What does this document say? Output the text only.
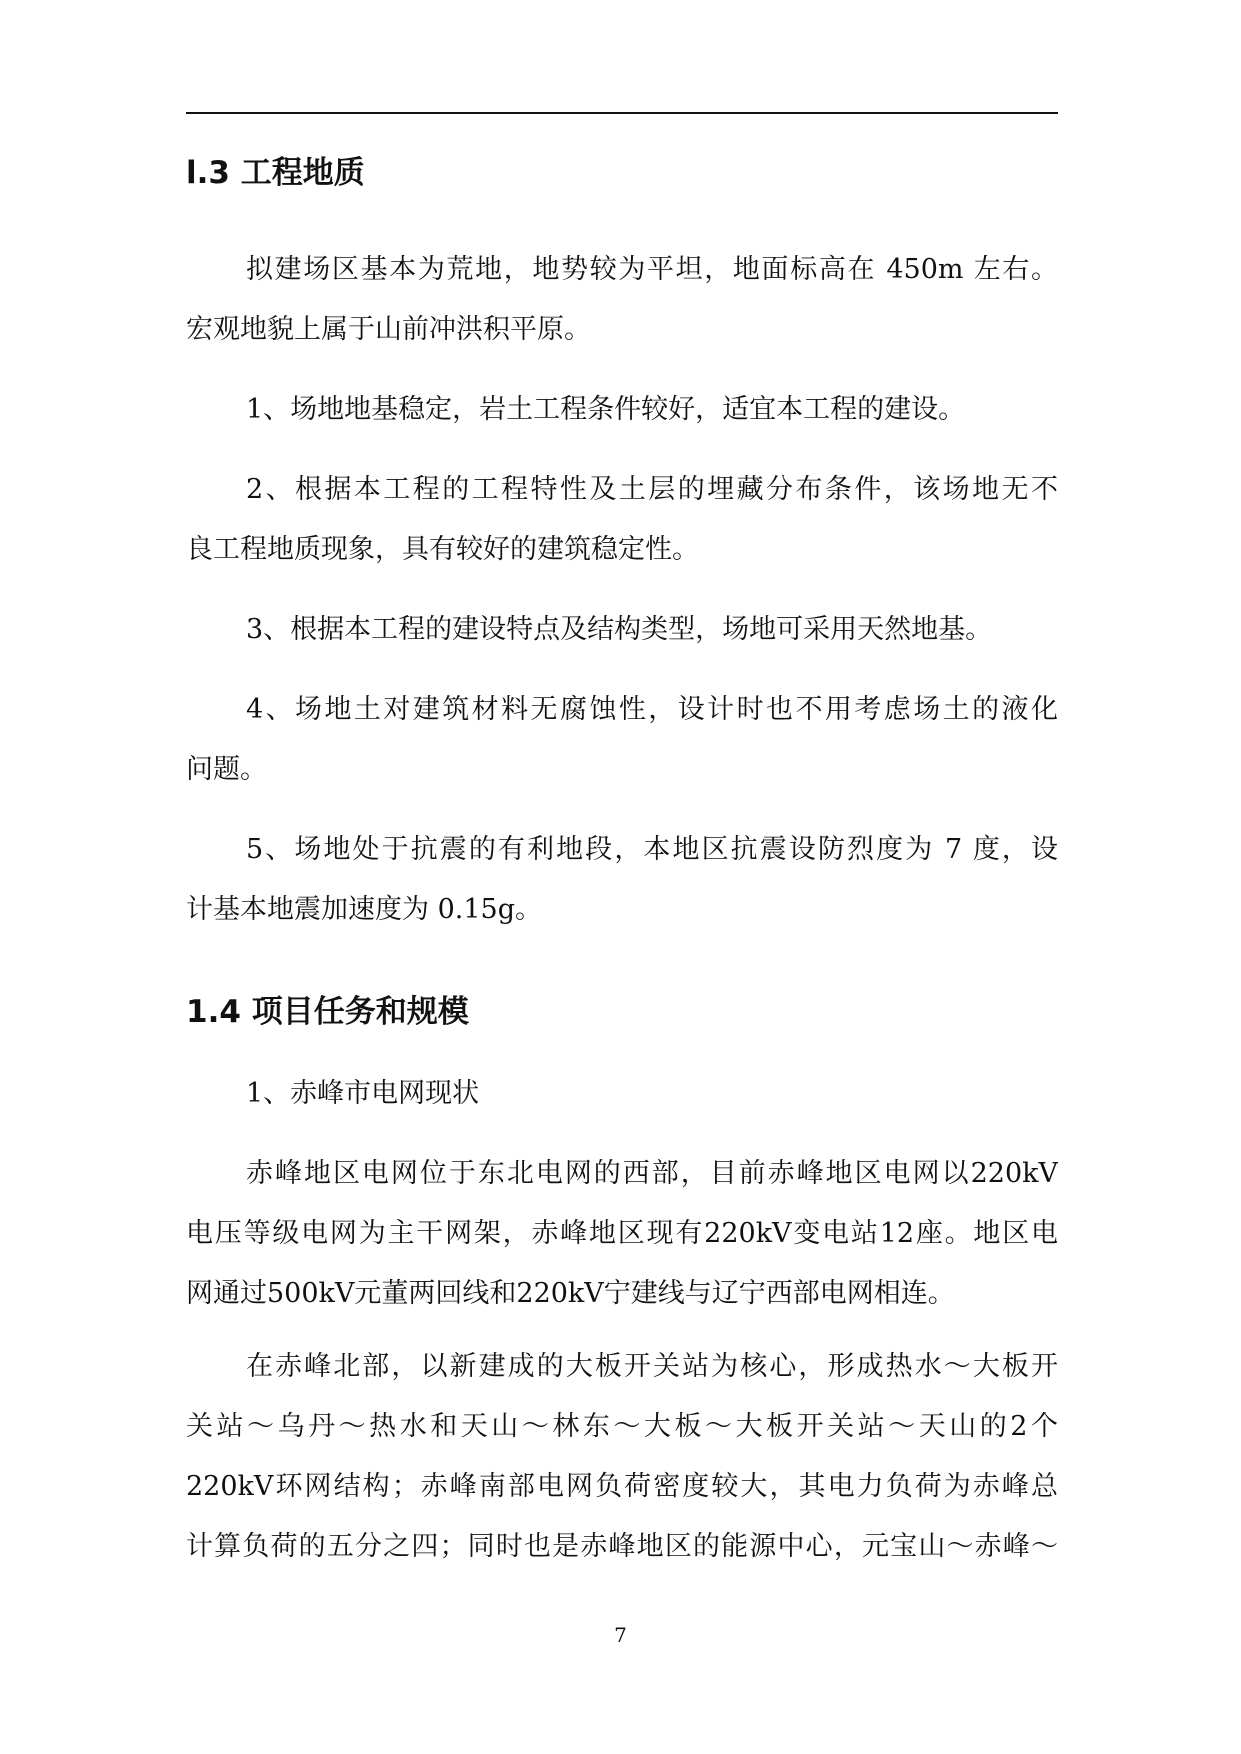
l.3 工程地质
拟建场区基本为荒地，地势较为平坦，地面标高在 450m 左右。
宏观地貌上属于山前冲洪积平原。
1、场地地基稳定，岩土工程条件较好，适宜本工程的建设。
2、根据本工程的工程特性及土层的埋藏分布条件，该场地无不
良工程地质现象，具有较好的建筑稳定性。
3、根据本工程的建设特点及结构类型，场地可采用天然地基。
4、场地土对建筑材料无腐蚀性，设计时也不用考虑场土的液化
问题。
5、场地处于抗震的有利地段，本地区抗震设防烈度为 7 度，设
计基本地震加速度为 0.15g。
1.4 项目任务和规模
1、赤峰市电网现状
赤峰地区电网位于东北电网的西部，目前赤峰地区电网以220kV
电压等级电网为主干网架，赤峰地区现有220kV变电站12座。地区电
网通过500kV元董两回线和220kV宁建线与辽宁西部电网相连。
在赤峰北部，以新建成的大板开关站为核心，形成热水～大板开
关站～乌丹～热水和天山～林东～大板～大板开关站～天山的2个
220kV环网结构；赤峰南部电网负荷密度较大，其电力负荷为赤峰总
计算负荷的五分之四；同时也是赤峰地区的能源中心，元宝山～赤峰～
7
